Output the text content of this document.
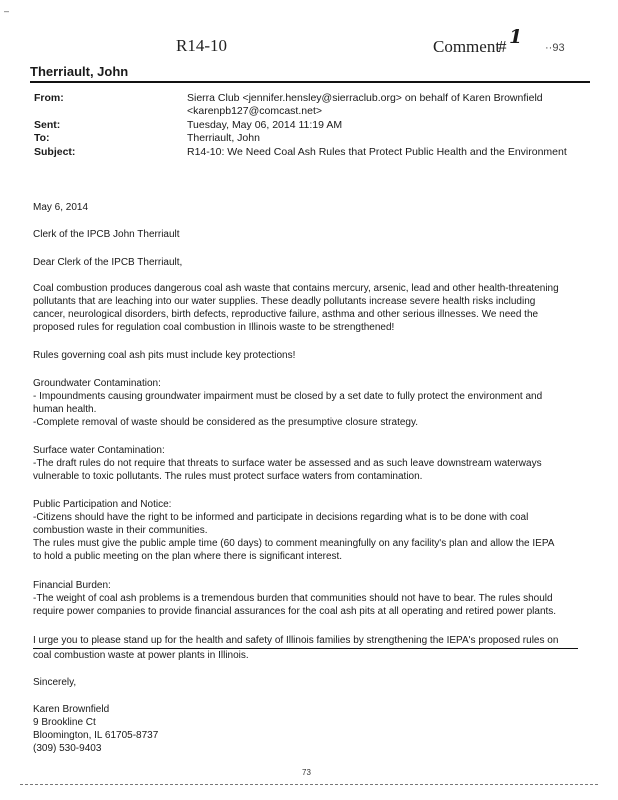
–
R14-10	Comment
# 1 ··93
Therriault, John
From:	Sierra Club <jennifer.hensley@sierraclub.org> on behalf of Karen Brownfield
<karenpb127@comcast.net>
Sent:	Tuesday, May 06, 2014 11:19 AM
To:	Therriault, John
Subject:	R14-10: We Need Coal Ash Rules that Protect Public Health and the Environment
May 6, 2014
Clerk of the IPCB John Therriault
Dear Clerk of the IPCB Therriault,
Coal combustion produces dangerous coal ash waste that contains mercury, arsenic, lead and other health-threatening
pollutants that are leaching into our water supplies. These deadly pollutants increase severe health risks including
cancer, neurological disorders, birth defects, reproductive failure, asthma and other serious illnesses. We need the
proposed rules for regulation coal combustion in Illinois waste to be strengthened!
Rules governing coal ash pits must include key protections!
Groundwater Contamination:
- Impoundments causing groundwater impairment must be closed by a set date to fully protect the environment and
human health.
-Complete removal of waste should be considered as the presumptive closure strategy.
Surface water Contamination:
-The draft rules do not require that threats to surface water be assessed and as such leave downstream waterways
vulnerable to toxic pollutants. The rules must protect surface waters from contamination.
Public Participation and Notice:
-Citizens should have the right to be informed and participate in decisions regarding what is to be done with coal
combustion waste in their communities.
The rules must give the public ample time (60 days) to comment meaningfully on any facility's plan and allow the IEPA
to hold a public meeting on the plan where there is significant interest.
Financial Burden:
-The weight of coal ash problems is a tremendous burden that communities should not have to bear. The rules should
require power companies to provide financial assurances for the coal ash pits at all operating and retired power plants.
I urge you to please stand up for the health and safety of Illinois families by strengthening the IEPA's proposed rules on
coal combustion waste at power plants in Illinois.
Sincerely,
Karen Brownfield
9 Brookline Ct
Bloomington, IL 61705-8737
(309) 530-9403
73
